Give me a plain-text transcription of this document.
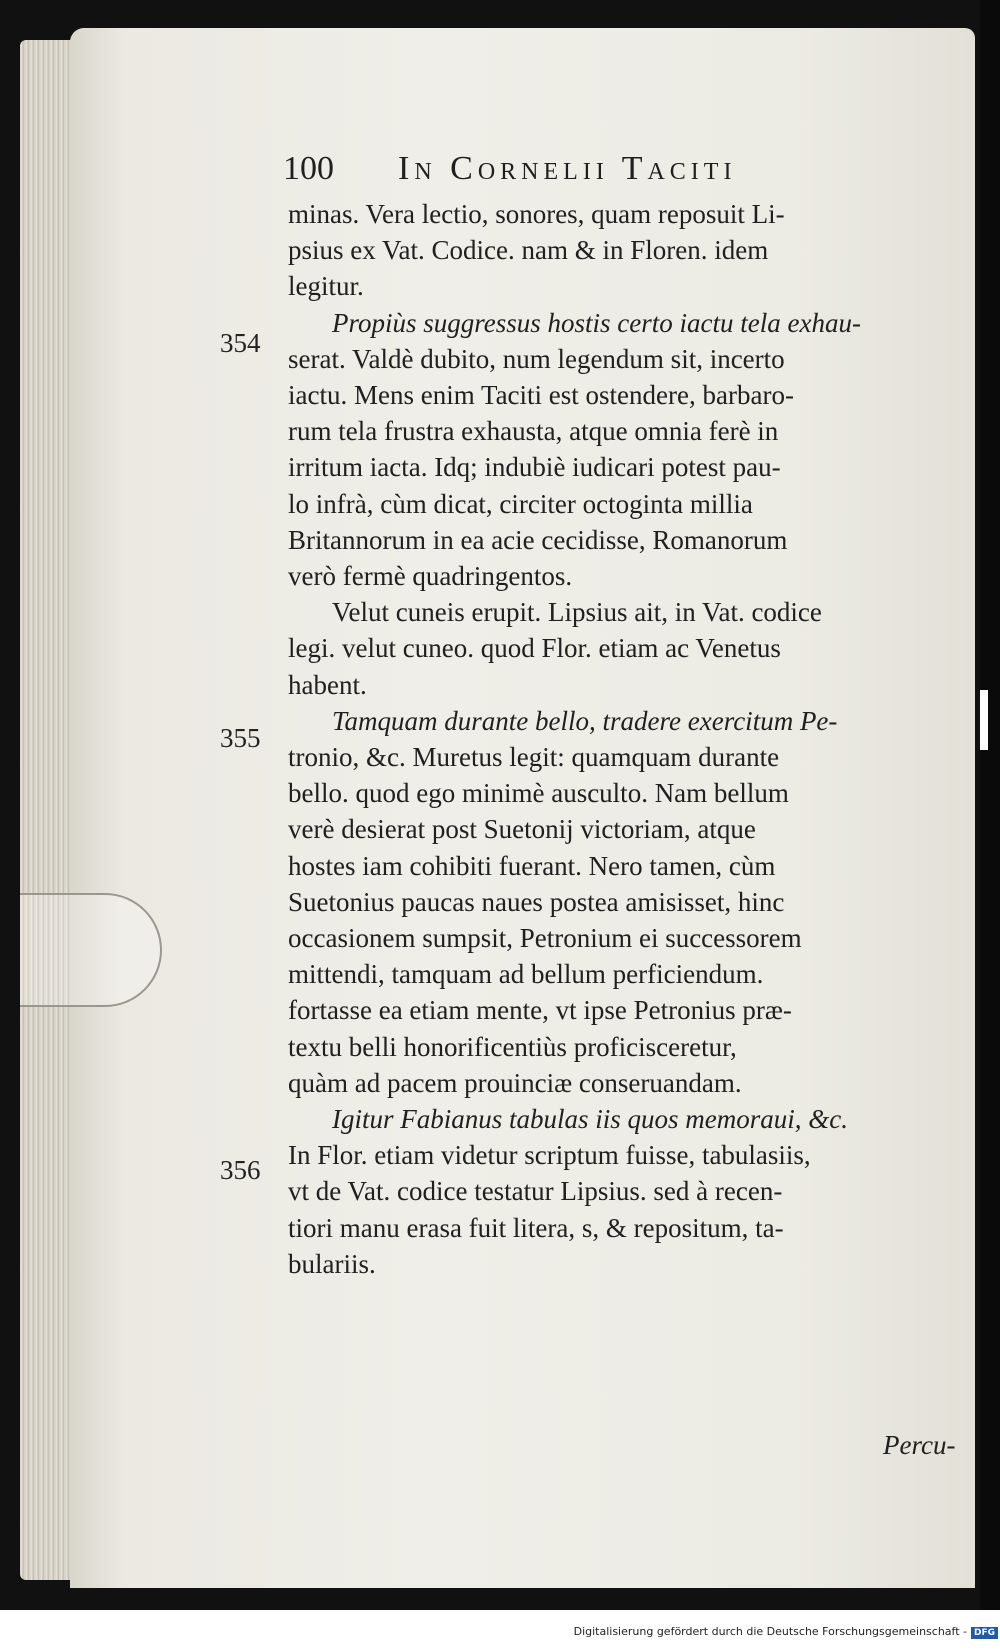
100 In Cornelii Taciti
354
355
356
minas. Vera lectio, sonores, quam reposuit Li-
psius ex Vat. Codice. nam & in Floren. idem
legitur.
Propiùs suggressus hostis certo iactu tela exhau-
serat. Valdè dubito, num legendum sit, incerto
iactu. Mens enim Taciti est ostendere, barbaro-
rum tela frustra exhausta, atque omnia ferè in
irritum iacta. Idq; indubiè iudicari potest pau-
lo infrà, cùm dicat, circiter octoginta millia
Britannorum in ea acie cecidisse, Romanorum
verò fermè quadringentos.
Velut cuneis erupit. Lipsius ait, in Vat. codice
legi. velut cuneo. quod Flor. etiam ac Venetus
habent.
Tamquam durante bello, tradere exercitum Pe-
tronio, &c. Muretus legit: quamquam durante
bello. quod ego minimè ausculto. Nam bellum
verè desierat post Suetonij victoriam, atque
hostes iam cohibiti fuerant. Nero tamen, cùm
Suetonius paucas naues postea amisisset, hinc
occasionem sumpsit, Petronium ei successorem
mittendi, tamquam ad bellum perficiendum.
fortasse ea etiam mente, vt ipse Petronius præ-
textu belli honorificentiùs proficisceretur,
quàm ad pacem prouinciæ conseruandam.
Igitur Fabianus tabulas iis quos memoraui, &c.
In Flor. etiam videtur scriptum fuisse, tabulasiis,
vt de Vat. codice testatur Lipsius. sed à recen-
tiori manu erasa fuit litera, s, & repositum, ta-
bulariis.
Percu-
Digitalisierung gefördert durch die Deutsche Forschungsgemeinschaft - DFG
